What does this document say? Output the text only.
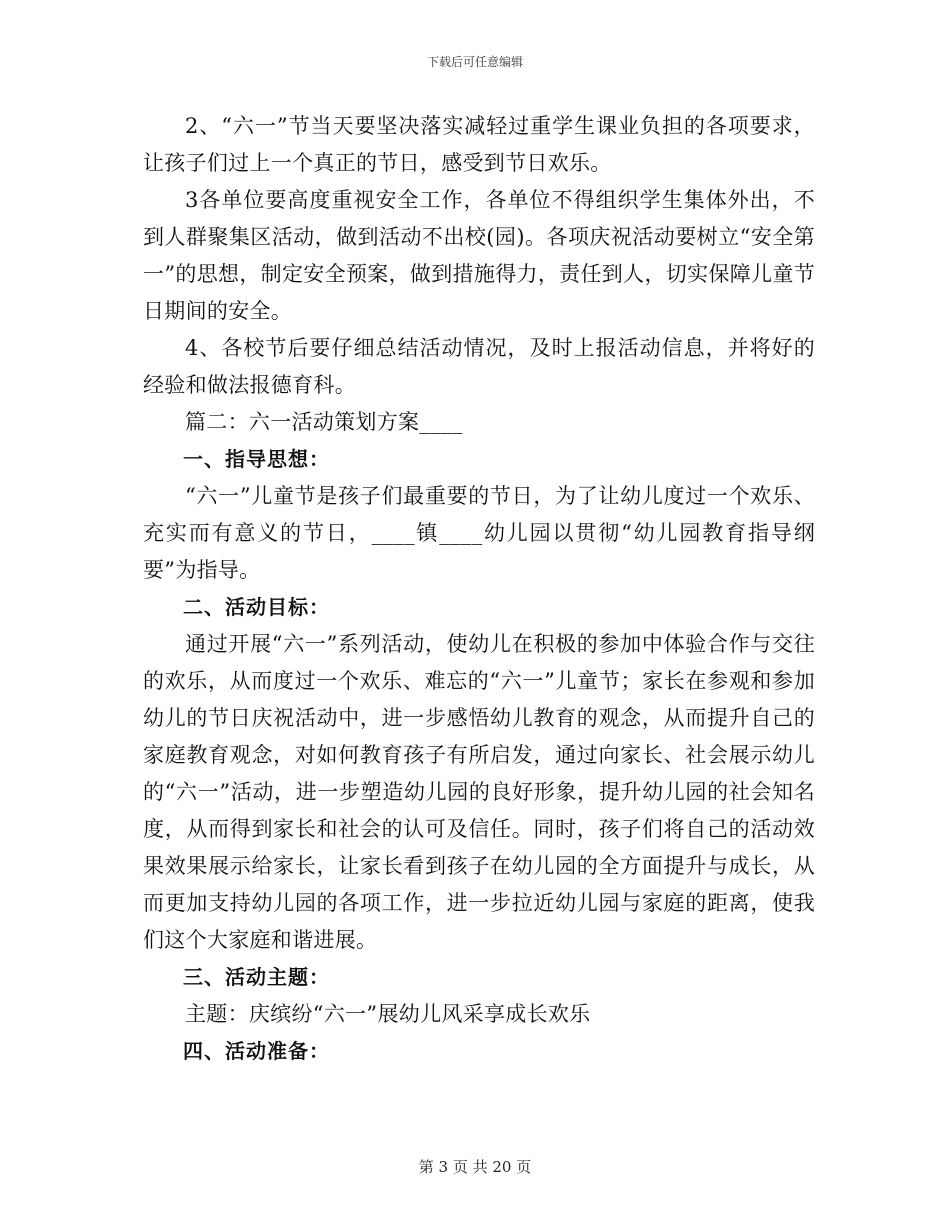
下载后可任意编辑

2、“六一”节当天要坚决落实减轻过重学生课业负担的各项要求，让孩子们过上一个真正的节日，感受到节日欢乐。

3各单位要高度重视安全工作，各单位不得组织学生集体外出，不到人群聚集区活动，做到活动不出校(园)。各项庆祝活动要树立“安全第一”的思想，制定安全预案，做到措施得力，责任到人，切实保障儿童节日期间的安全。

4、各校节后要仔细总结活动情况，及时上报活动信息，并将好的经验和做法报德育科。

篇二：六一活动策划方案____

一、指导思想：

“六一”儿童节是孩子们最重要的节日，为了让幼儿度过一个欢乐、充实而有意义的节日，____镇____幼儿园以贯彻“幼儿园教育指导纲要”为指导。

二、活动目标：

通过开展“六一”系列活动，使幼儿在积极的参加中体验合作与交往的欢乐，从而度过一个欢乐、难忘的“六一”儿童节；家长在参观和参加幼儿的节日庆祝活动中，进一步感悟幼儿教育的观念，从而提升自己的家庭教育观念，对如何教育孩子有所启发，通过向家长、社会展示幼儿的“六一”活动，进一步塑造幼儿园的良好形象，提升幼儿园的社会知名度，从而得到家长和社会的认可及信任。同时，孩子们将自己的活动效果效果展示给家长，让家长看到孩子在幼儿园的全方面提升与成长，从而更加支持幼儿园的各项工作，进一步拉近幼儿园与家庭的距离，使我们这个大家庭和谐进展。

三、活动主题：

主题：庆缤纷“六一”展幼儿风采享成长欢乐

四、活动准备：

第 3 页 共 20 页
